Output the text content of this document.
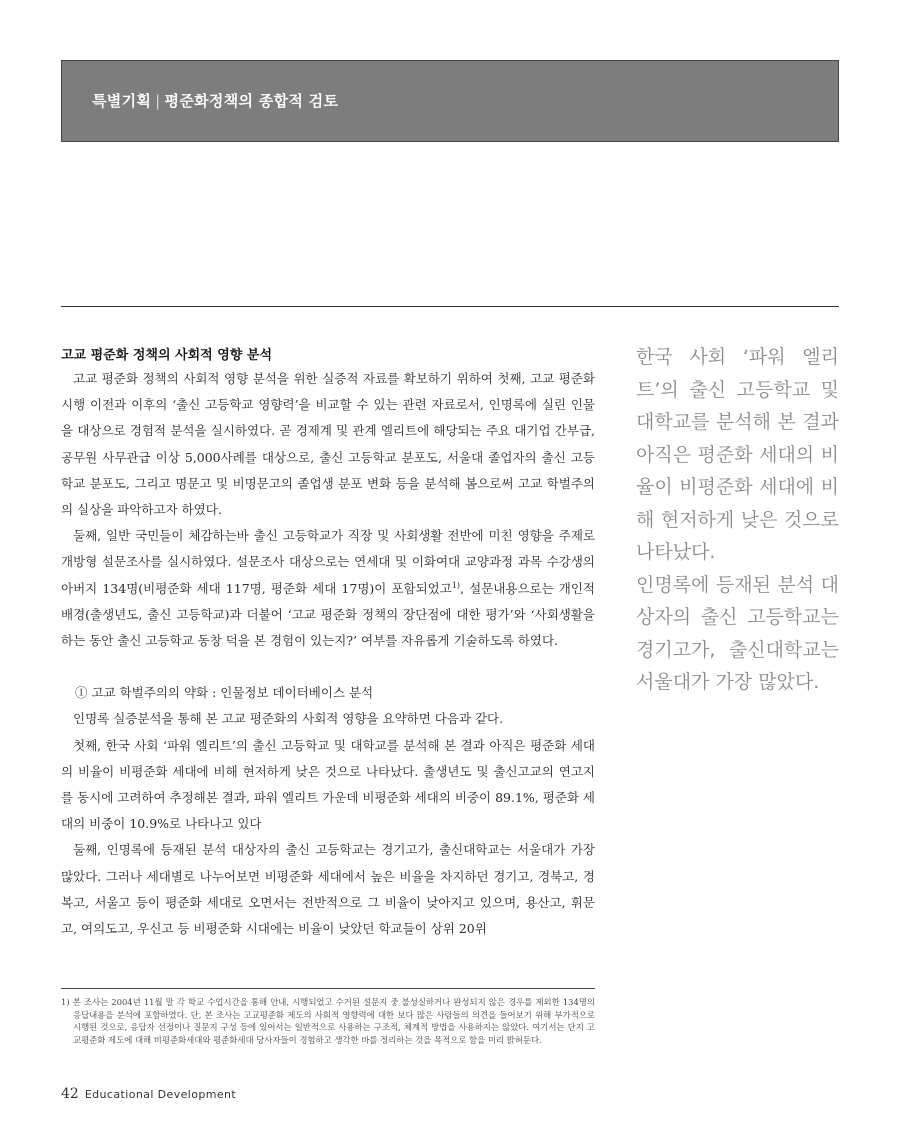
특별기획 | 평준화정책의 종합적 검토
고교 평준화 정책의 사회적 영향 분석

고교 평준화 정책의 사회적 영향 분석을 위한 실증적 자료를 확보하기 위하여 첫째, 고교 평준화 시행 이전과 이후의 ‘출신 고등학교 영향력’을 비교할 수 있는 관련 자료로서, 인명록에 실린 인물을 대상으로 경험적 분석을 실시하였다. 곧 경제계 및 관계 엘리트에 해당되는 주요 대기업 간부급, 공무원 사무관급 이상 5,000사례를 대상으로, 출신 고등학교 분포도, 서울대 졸업자의 출신 고등학교 분포도, 그리고 명문고 및 비명문고의 졸업생 분포 변화 등을 분석해 봄으로써 고교 학벌주의의 실상을 파악하고자 하였다.

둘째, 일반 국민들이 체감하는바 출신 고등학교가 직장 및 사회생활 전반에 미친 영향을 주제로 개방형 설문조사를 실시하였다. 설문조사 대상으로는 연세대 및 이화여대 교양과정 과목 수강생의 아버지 134명(비평준화 세대 117명, 평준화 세대 17명)이 포함되었고$^{1)}$, 설문내용으로는 개인적 배경(출생년도, 출신 고등학교)과 더불어 ‘고교 평준화 정책의 장단점에 대한 평가’와 ‘사회생활을 하는 동안 출신 고등학교 동창 덕을 본 경험이 있는지?’ 여부를 자유롭게 기술하도록 하였다.

① 고교 학벌주의의 약화 : 인물정보 데이터베이스 분석

인명록 실증분석을 통해 본 고교 평준화의 사회적 영향을 요약하면 다음과 같다.

첫째, 한국 사회 ‘파워 엘리트’의 출신 고등학교 및 대학교를 분석해 본 결과 아직은 평준화 세대의 비율이 비평준화 세대에 비해 현저하게 낮은 것으로 나타났다. 출생년도 및 출신고교의 연고지를 동시에 고려하여 추정해본 결과, 파워 엘리트 가운데 비평준화 세대의 비중이 89.1%, 평준화 세대의 비중이 10.9%로 나타나고 있다

둘째, 인명록에 등재된 분석 대상자의 출신 고등학교는 경기고가, 출신대학교는 서울대가 가장 많았다. 그러나 세대별로 나누어보면 비평준화 세대에서 높은 비율을 차지하던 경기고, 경북고, 경복고, 서울고 등이 평준화 세대로 오면서는 전반적으로 그 비율이 낮아지고 있으며, 용산고, 휘문고, 여의도고, 우신고 등 비평준화 시대에는 비율이 낮았던 학교들이 상위 20위

한국 사회 ‘파워 엘리트’의 출신 고등학교 및 대학교를 분석해 본 결과 아직은 평준화 세대의 비율이 비평준화 세대에 비해 현저하게 낮은 것으로 나타났다.

인명록에 등재된 분석 대상자의 출신 고등학교는 경기고가, 출신대학교는 서울대가 가장 많았다.

1) 본 조사는 2004년 11월 말 각 학교 수업시간을 통해 안내, 시행되었고 수거된 설문지 중 불성실하거나 완성되지 않은 경우를 제외한 134명의 응답내용을 분석에 포함하였다. 단, 본 조사는 고교평준화 제도의 사회적 영향력에 대한 보다 많은 사람들의 의견을 들어보기 위해 부가적으로 시행된 것으로, 응답자 선정이나 질문지 구성 등에 있어서는 일반적으로 사용하는 구조적, 체계적 방법을 사용하지는 않았다. 여기서는 단지 고교평준화 제도에 대해 비평준화세대와 평준화세대 당사자들이 경험하고 생각한 바를 정리하는 것을 목적으로 함을 미리 밝혀둔다.

42 Educational Development
